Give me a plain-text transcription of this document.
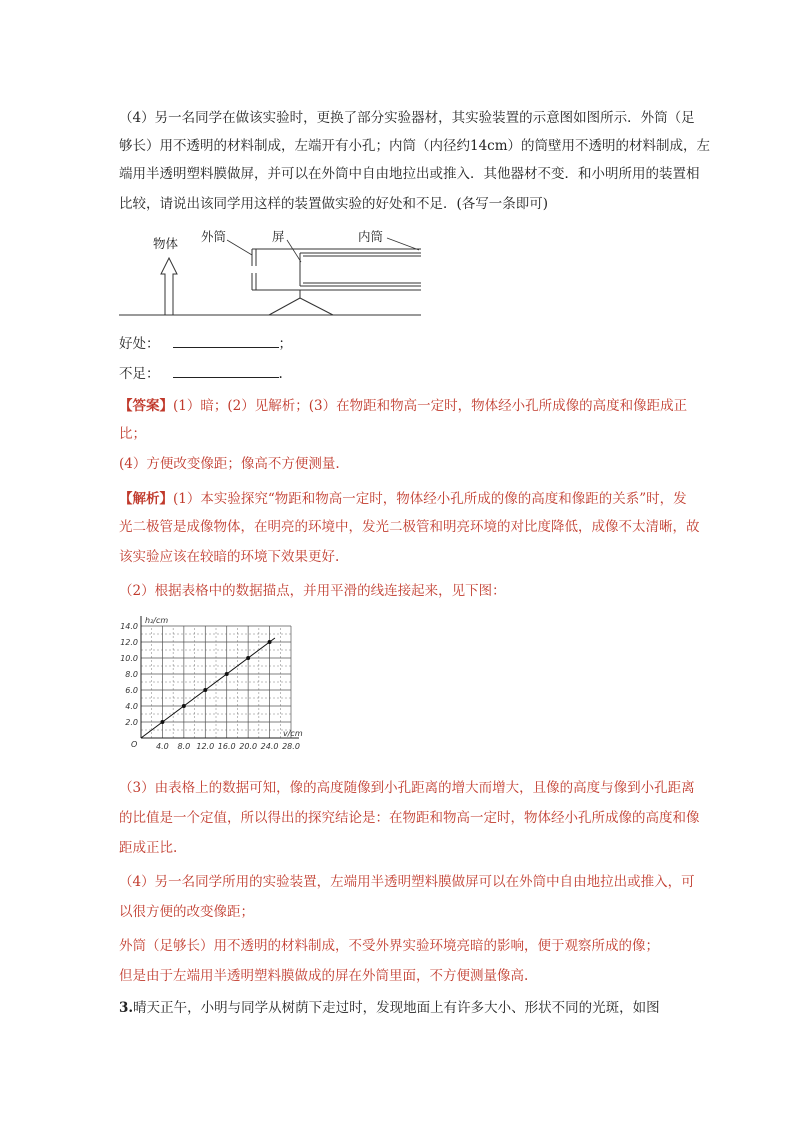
（4）另一名同学在做该实验时，更换了部分实验器材，其实验装置的示意图如图所示．外筒（足
够长）用不透明的材料制成，左端开有小孔；内筒（内径约14cm）的筒壁用不透明的材料制成，左
端用半透明塑料膜做屏，并可以在外筒中自由地拉出或推入．其他器材不变．和小明所用的装置相
比较，请说出该同学用这样的装置做实验的好处和不足．(各写一条即可)
物体 外筒	屏	内筒
好处：	；
不足：	.
【答案】(1）暗；(2）见解析；(3）在物距和物高一定时，物体经小孔所成像的高度和像距成正
比；
(4）方便改变像距；像高不方便测量.
【解析】(1）本实验探究“物距和物高一定时，物体经小孔所成的像的高度和像距的关系”时，发
光二极管是成像物体，在明亮的环境中，发光二极管和明亮环境的对比度降低，成像不太清晰，故
该实验应该在较暗的环境下效果更好.
（2）根据表格中的数据描点，并用平滑的线连接起来，见下图：
4.0 8.0 12.0 16.0 20.0 24.0 28.0
2.0
4.0
6.0
8.0
10.0
12.0
14.0
h₂/cm
v/cm
O
（3）由表格上的数据可知，像的高度随像到小孔距离的增大而增大，且像的高度与像到小孔距离
的比值是一个定值，所以得出的探究结论是：在物距和物高一定时，物体经小孔所成像的高度和像
距成正比.
（4）另一名同学所用的实验装置，左端用半透明塑料膜做屏可以在外筒中自由地拉出或推入，可
以很方便的改变像距；
外筒（足够长）用不透明的材料制成，不受外界实验环境亮暗的影响，便于观察所成的像；
但是由于左端用半透明塑料膜做成的屏在外筒里面，不方便测量像高.
3.晴天正午，小明与同学从树荫下走过时，发现地面上有许多大小、形状不同的光斑，如图
